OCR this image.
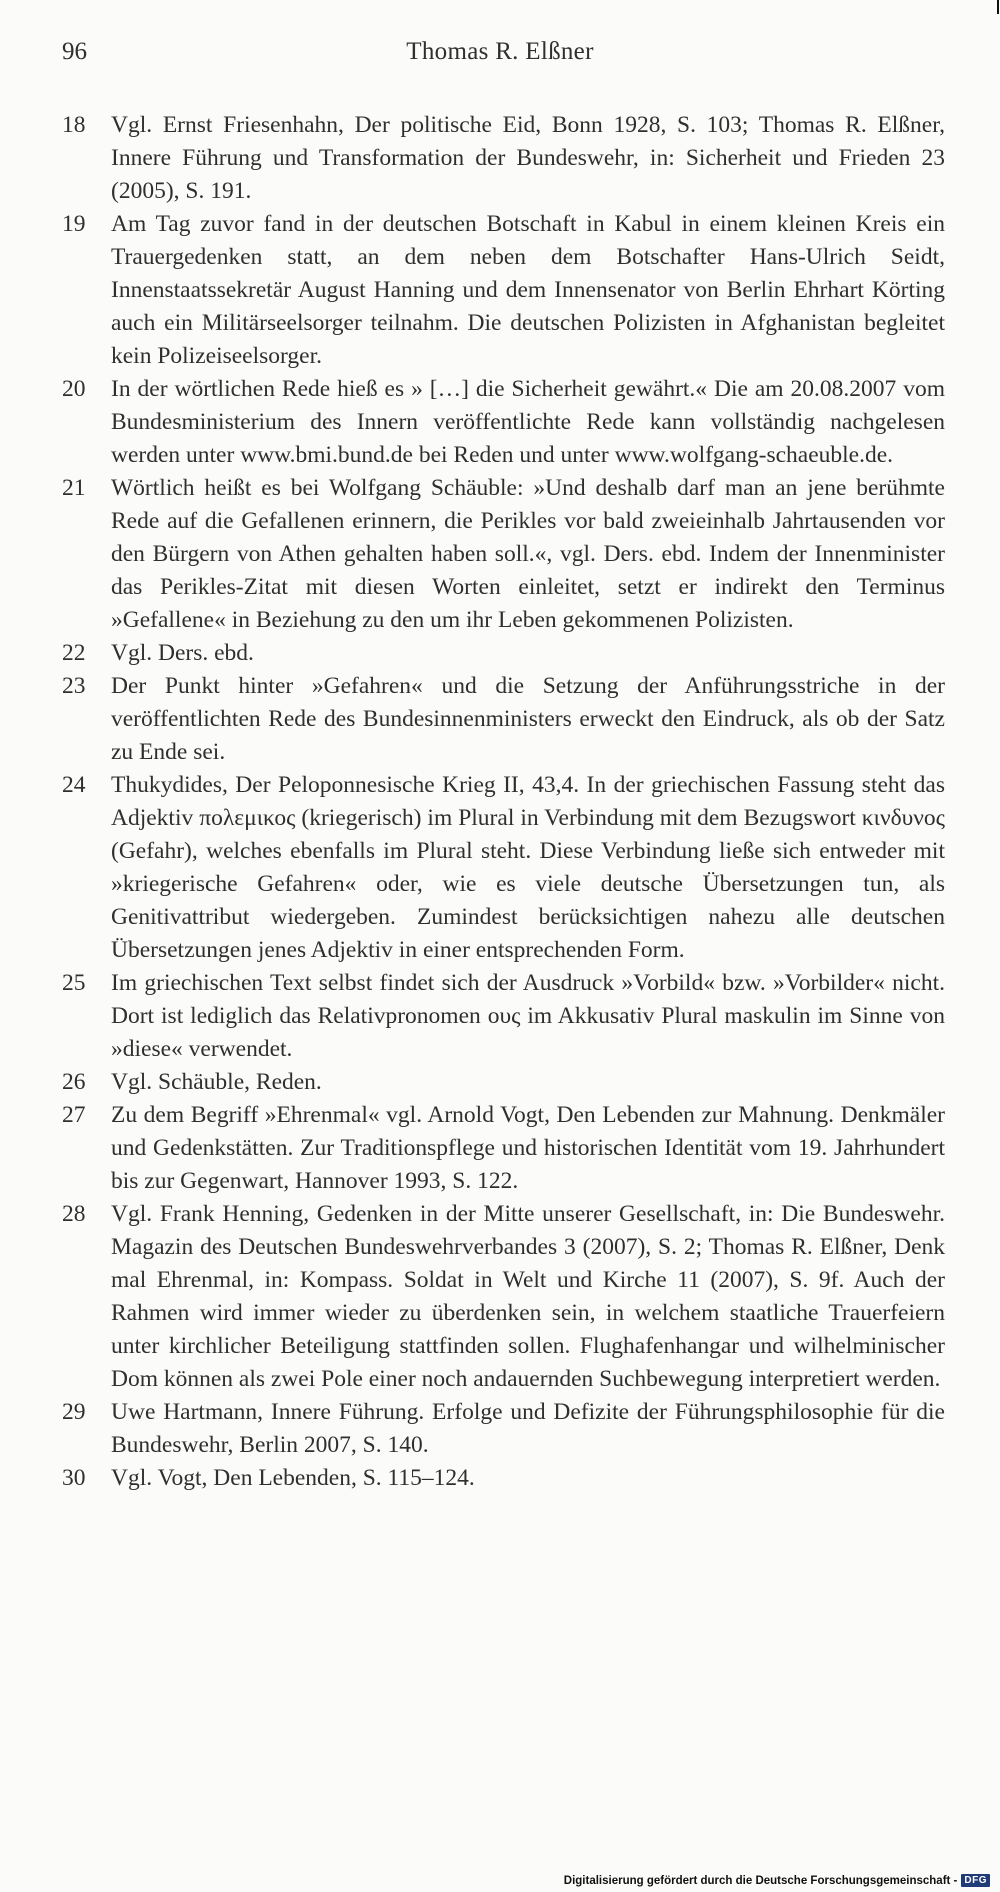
96	Thomas R. Elßner
18	Vgl. Ernst Friesenhahn, Der politische Eid, Bonn 1928, S. 103; Thomas R. Elßner, Innere Führung und Transformation der Bundeswehr, in: Sicherheit und Frieden 23 (2005), S. 191.
19	Am Tag zuvor fand in der deutschen Botschaft in Kabul in einem kleinen Kreis ein Trauergedenken statt, an dem neben dem Botschafter Hans-Ulrich Seidt, Innenstaatssekretär August Hanning und dem Innensenator von Berlin Ehrhart Körting auch ein Militärseelsorger teilnahm. Die deutschen Polizisten in Afghanistan begleitet kein Polizeiseelsorger.
20	In der wörtlichen Rede hieß es » […] die Sicherheit gewährt.« Die am 20.08.2007 vom Bundesministerium des Innern veröffentlichte Rede kann vollständig nachgelesen werden unter www.bmi.bund.de bei Reden und unter www.wolfgang-schaeuble.de.
21	Wörtlich heißt es bei Wolfgang Schäuble: »Und deshalb darf man an jene berühmte Rede auf die Gefallenen erinnern, die Perikles vor bald zweieinhalb Jahrtausenden vor den Bürgern von Athen gehalten haben soll.«, vgl. Ders. ebd. Indem der Innenminister das Perikles-Zitat mit diesen Worten einleitet, setzt er indirekt den Terminus »Gefallene« in Beziehung zu den um ihr Leben gekommenen Polizisten.
22	Vgl. Ders. ebd.
23	Der Punkt hinter »Gefahren« und die Setzung der Anführungsstriche in der veröffentlichten Rede des Bundesinnenministers erweckt den Eindruck, als ob der Satz zu Ende sei.
24	Thukydides, Der Peloponnesische Krieg II, 43,4. In der griechischen Fassung steht das Adjektiv πολεμικος (kriegerisch) im Plural in Verbindung mit dem Bezugswort κινδυνος (Gefahr), welches ebenfalls im Plural steht. Diese Verbindung ließe sich entweder mit »kriegerische Gefahren« oder, wie es viele deutsche Übersetzungen tun, als Genitivattribut wiedergeben. Zumindest berücksichtigen nahezu alle deutschen Übersetzungen jenes Adjektiv in einer entsprechenden Form.
25	Im griechischen Text selbst findet sich der Ausdruck »Vorbild« bzw. »Vorbilder« nicht. Dort ist lediglich das Relativpronomen ους im Akkusativ Plural maskulin im Sinne von »diese« verwendet.
26	Vgl. Schäuble, Reden.
27	Zu dem Begriff »Ehrenmal« vgl. Arnold Vogt, Den Lebenden zur Mahnung. Denkmäler und Gedenkstätten. Zur Traditionspflege und historischen Identität vom 19. Jahrhundert bis zur Gegenwart, Hannover 1993, S. 122.
28	Vgl. Frank Henning, Gedenken in der Mitte unserer Gesellschaft, in: Die Bundeswehr. Magazin des Deutschen Bundeswehrverbandes 3 (2007), S. 2; Thomas R. Elßner, Denk mal Ehrenmal, in: Kompass. Soldat in Welt und Kirche 11 (2007), S. 9f. Auch der Rahmen wird immer wieder zu überdenken sein, in welchem staatliche Trauerfeiern unter kirchlicher Beteiligung stattfinden sollen. Flughafenhangar und wilhelminischer Dom können als zwei Pole einer noch andauernden Suchbewegung interpretiert werden.
29	Uwe Hartmann, Innere Führung. Erfolge und Defizite der Führungsphilosophie für die Bundeswehr, Berlin 2007, S. 140.
30	Vgl. Vogt, Den Lebenden, S. 115–124.
Digitalisierung gefördert durch die Deutsche Forschungsgemeinschaft - DFG
